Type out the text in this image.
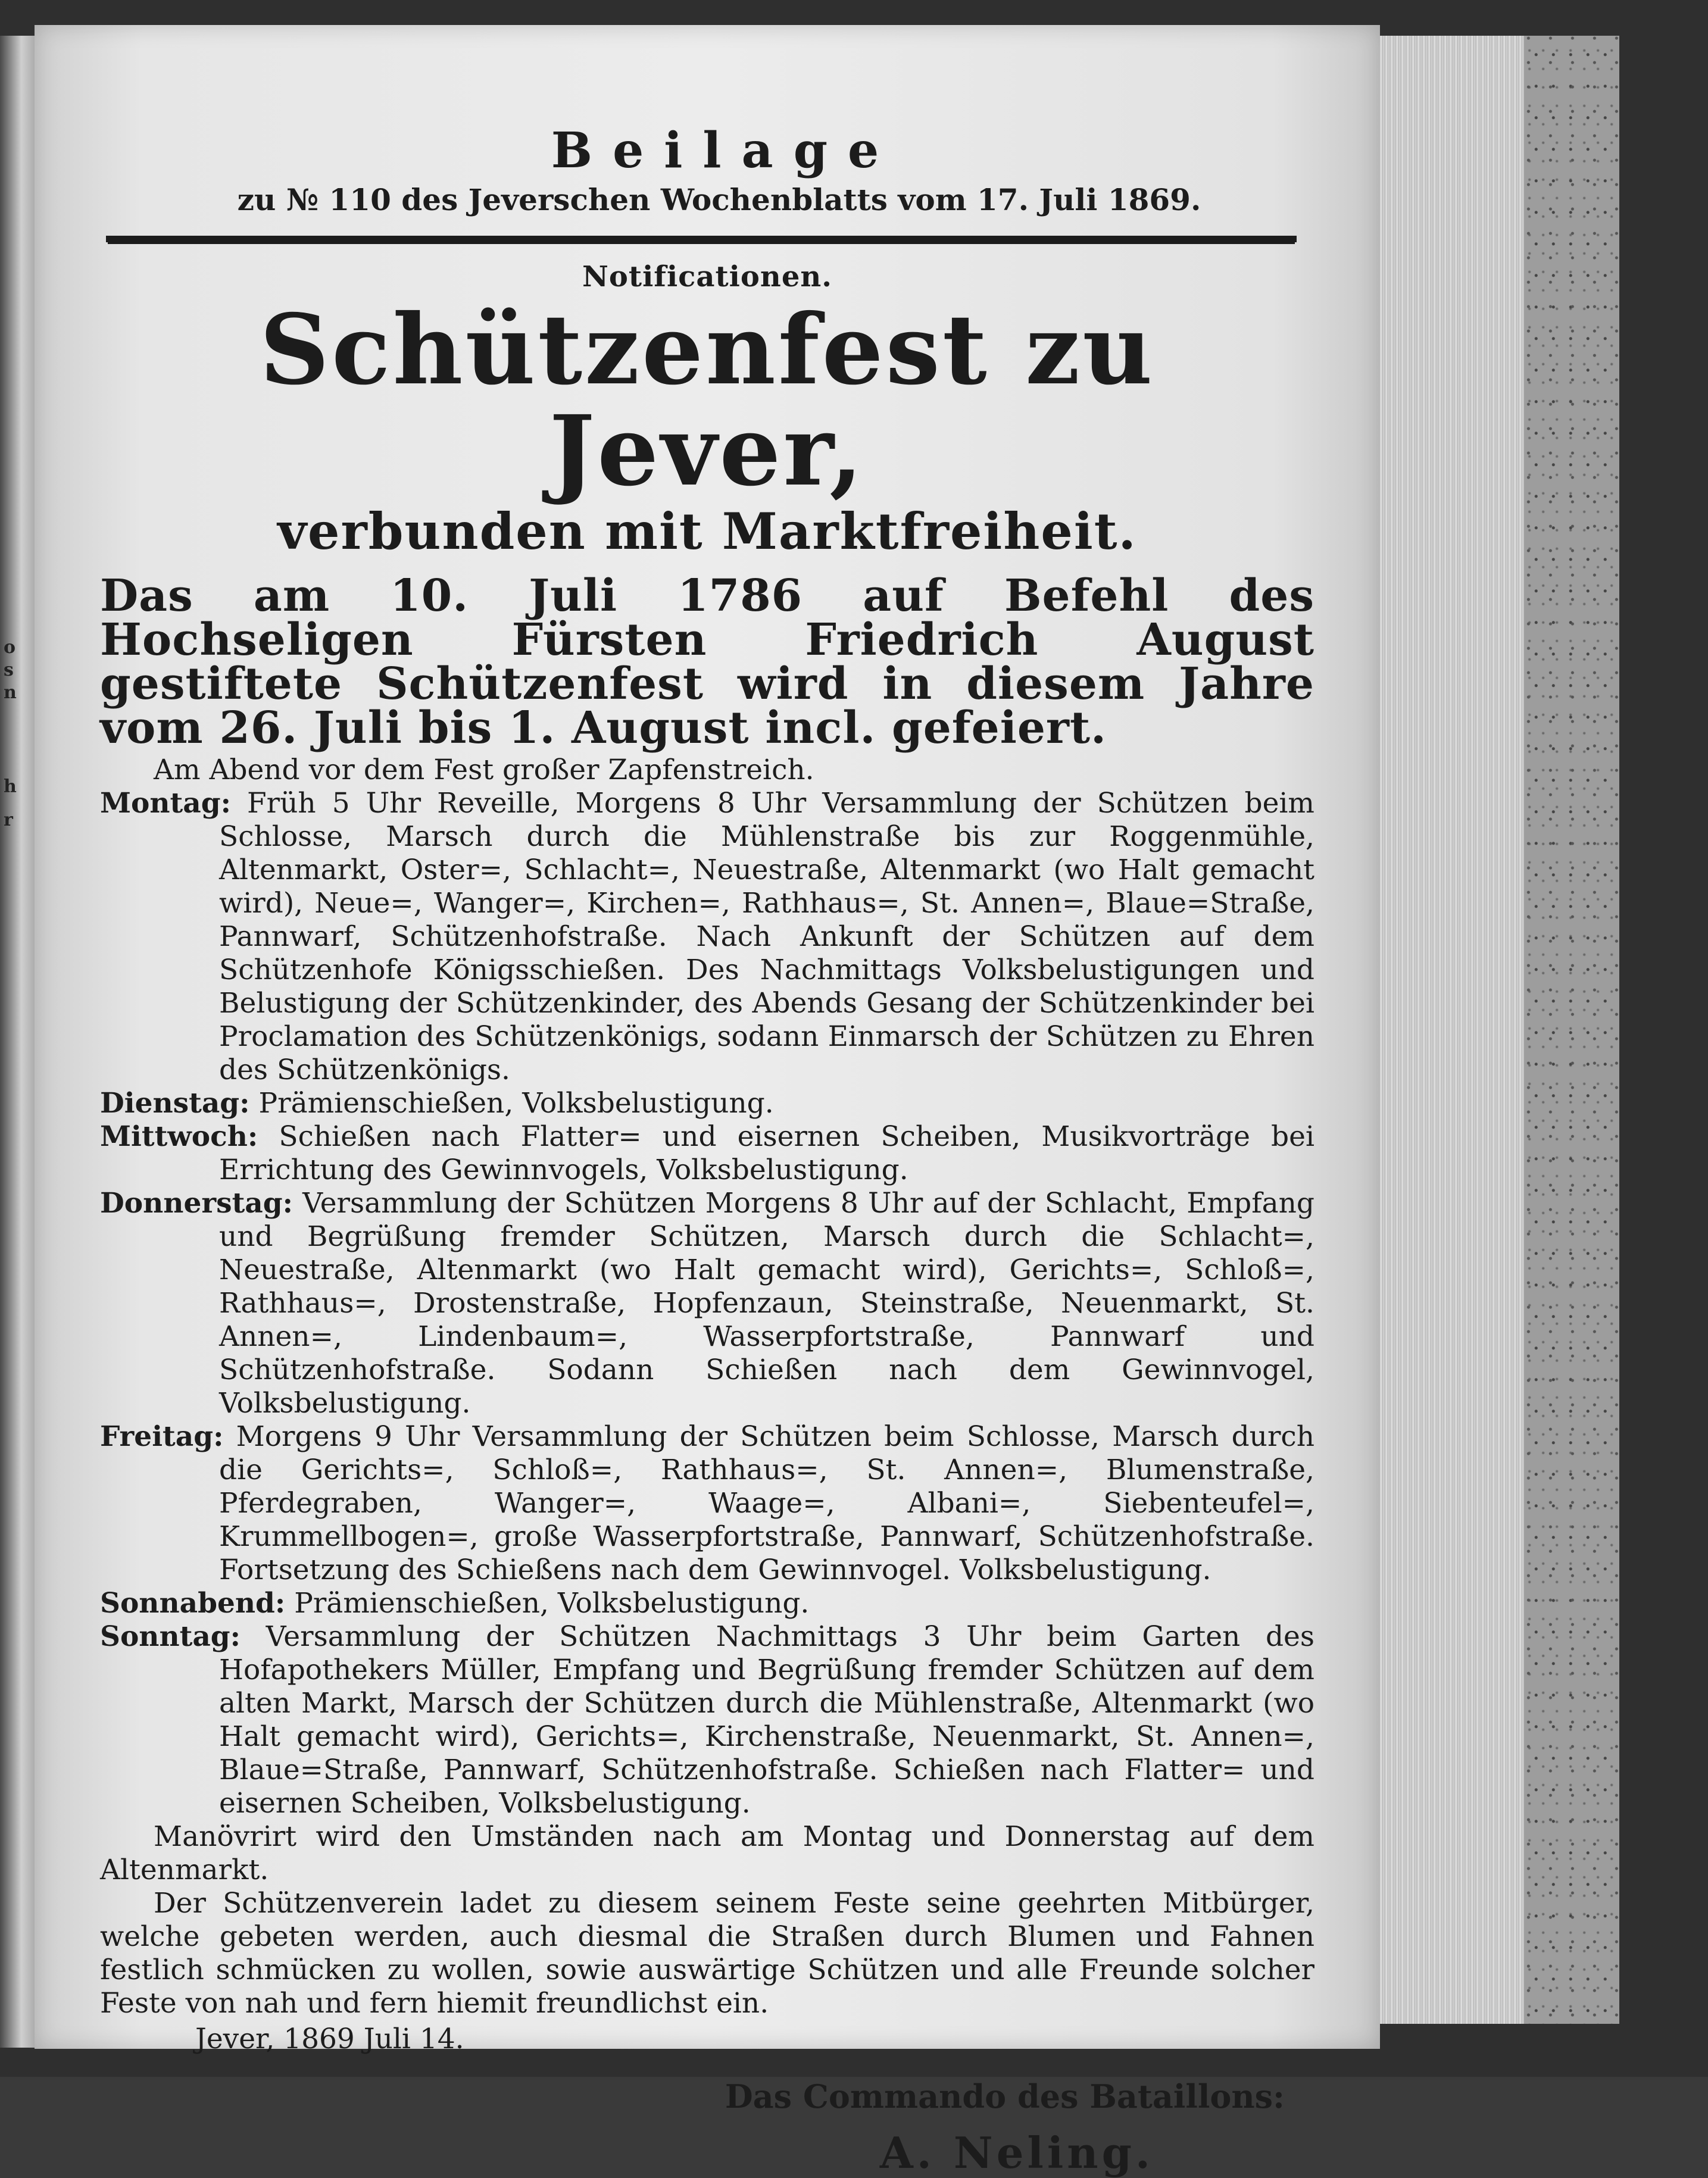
o
s
n
h
r
Beilage
zu № 110 des Jeverschen Wochenblatts vom 17. Juli 1869.
Notificationen.
Schützenfest zu Jever,
verbunden mit Marktfreiheit.
Das am 10. Juli 1786 auf Befehl des Hochseligen Fürsten Friedrich August gestiftete Schützenfest wird in diesem Jahre vom 26. Juli bis 1. August incl. gefeiert.
Am Abend vor dem Fest großer Zapfenstreich.
Montag: Früh 5 Uhr Reveille, Morgens 8 Uhr Versammlung der Schützen beim Schlosse, Marsch durch die Mühlenstraße bis zur Roggenmühle, Altenmarkt, Oster=, Schlacht=, Neuestraße, Altenmarkt (wo Halt gemacht wird), Neue=, Wanger=, Kirchen=, Rathhaus=, St. Annen=, Blaue=Straße, Pannwarf, Schützenhofstraße. Nach Ankunft der Schützen auf dem Schützenhofe Königsschießen. Des Nachmittags Volksbelustigungen und Belustigung der Schützenkinder, des Abends Gesang der Schützenkinder bei Proclamation des Schützenkönigs, sodann Einmarsch der Schützen zu Ehren des Schützenkönigs.
Dienstag: Prämienschießen, Volksbelustigung.
Mittwoch: Schießen nach Flatter= und eisernen Scheiben, Musikvorträge bei Errichtung des Gewinnvogels, Volksbelustigung.
Donnerstag: Versammlung der Schützen Morgens 8 Uhr auf der Schlacht, Empfang und Begrüßung fremder Schützen, Marsch durch die Schlacht=, Neuestraße, Altenmarkt (wo Halt gemacht wird), Gerichts=, Schloß=, Rathhaus=, Drostenstraße, Hopfenzaun, Steinstraße, Neuenmarkt, St. Annen=, Lindenbaum=, Wasserpfortstraße, Pannwarf und Schützenhofstraße. Sodann Schießen nach dem Gewinnvogel, Volksbelustigung.
Freitag: Morgens 9 Uhr Versammlung der Schützen beim Schlosse, Marsch durch die Gerichts=, Schloß=, Rathhaus=, St. Annen=, Blumenstraße, Pferdegraben, Wanger=, Waage=, Albani=, Siebenteufel=, Krummellbogen=, große Wasserpfortstraße, Pannwarf, Schützenhofstraße. Fortsetzung des Schießens nach dem Gewinnvogel. Volksbelustigung.
Sonnabend: Prämienschießen, Volksbelustigung.
Sonntag: Versammlung der Schützen Nachmittags 3 Uhr beim Garten des Hofapothekers Müller, Empfang und Begrüßung fremder Schützen auf dem alten Markt, Marsch der Schützen durch die Mühlenstraße, Altenmarkt (wo Halt gemacht wird), Gerichts=, Kirchenstraße, Neuenmarkt, St. Annen=, Blaue=Straße, Pannwarf, Schützenhofstraße. Schießen nach Flatter= und eisernen Scheiben, Volksbelustigung.
Manövrirt wird den Umständen nach am Montag und Donnerstag auf dem Altenmarkt.
Der Schützenverein ladet zu diesem seinem Feste seine geehrten Mitbürger, welche gebeten werden, auch diesmal die Straßen durch Blumen und Fahnen festlich schmücken zu wollen, sowie auswärtige Schützen und alle Freunde solcher Feste von nah und fern hiemit freundlichst ein.
Jever, 1869 Juli 14.
Das Commando des Bataillons:
A. Neling.
